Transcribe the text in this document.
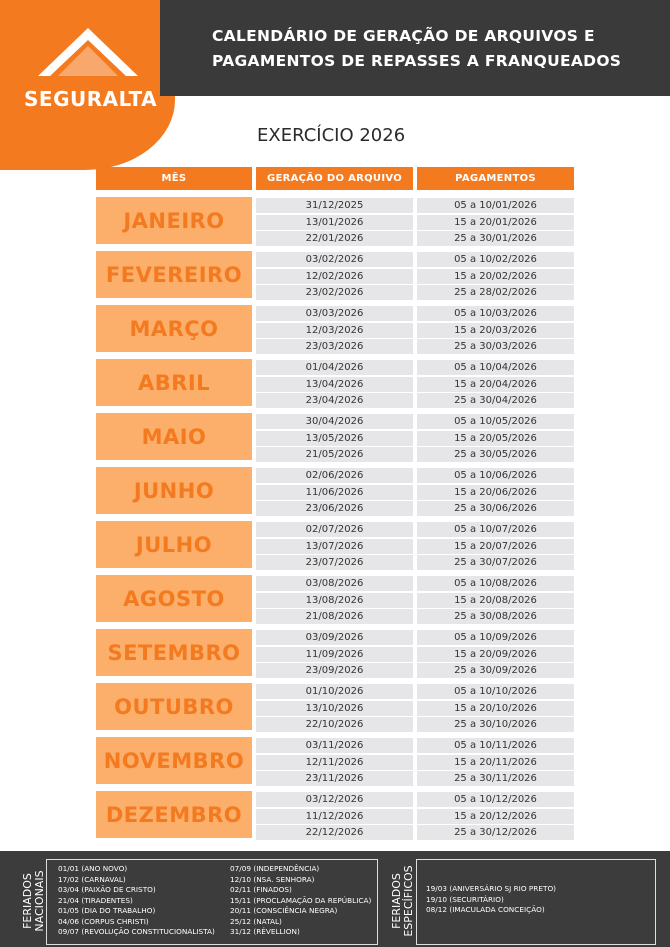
SEGURALTA
CALENDÁRIO DE GERAÇÃO DE ARQUIVOS E
PAGAMENTOS DE REPASSES A FRANQUEADOS
EXERCÍCIO 2026
MÊS	GERAÇÃO DO ARQUIVO	PAGAMENTOS
JANEIRO
31/12/2025	05 a 10/01/2026
13/01/2026	15 a 20/01/2026
22/01/2026	25 a 30/01/2026
FEVEREIRO
03/02/2026	05 a 10/02/2026
12/02/2026	15 a 20/02/2026
23/02/2026	25 a 28/02/2026
MARÇO
03/03/2026	05 a 10/03/2026
12/03/2026	15 a 20/03/2026
23/03/2026	25 a 30/03/2026
ABRIL
01/04/2026	05 a 10/04/2026
13/04/2026	15 a 20/04/2026
23/04/2026	25 a 30/04/2026
MAIO
30/04/2026	05 a 10/05/2026
13/05/2026	15 a 20/05/2026
21/05/2026	25 a 30/05/2026
JUNHO
02/06/2026	05 a 10/06/2026
11/06/2026	15 a 20/06/2026
23/06/2026	25 a 30/06/2026
JULHO
02/07/2026	05 a 10/07/2026
13/07/2026	15 a 20/07/2026
23/07/2026	25 a 30/07/2026
AGOSTO
03/08/2026	05 a 10/08/2026
13/08/2026	15 a 20/08/2026
21/08/2026	25 a 30/08/2026
SETEMBRO
03/09/2026	05 a 10/09/2026
11/09/2026	15 a 20/09/2026
23/09/2026	25 a 30/09/2026
OUTUBRO
01/10/2026	05 a 10/10/2026
13/10/2026	15 a 20/10/2026
22/10/2026	25 a 30/10/2026
NOVEMBRO
03/11/2026	05 a 10/11/2026
12/11/2026	15 a 20/11/2026
23/11/2026	25 a 30/11/2026
DEZEMBRO
03/12/2026	05 a 10/12/2026
11/12/2026	15 a 20/12/2026
22/12/2026	25 a 30/12/2026
FERIADOS NACIONAIS
01/01 (ANO NOVO)
17/02 (CARNAVAL)
03/04 (PAIXÃO DE CRISTO)
21/04 (TIRADENTES)
01/05 (DIA DO TRABALHO)
04/06 (CORPUS CHRISTI)
09/07 (REVOLUÇÃO CONSTITUCIONALISTA)
07/09 (INDEPENDÊNCIA)
12/10 (NSA. SENHORA)
02/11 (FINADOS)
15/11 (PROCLAMAÇÃO DA REPÚBLICA)
20/11 (CONSCIÊNCIA NEGRA)
25/12 (NATAL)
31/12 (RÉVELLION)
FERIADOS ESPECÍFICOS 19/03 (ANIVERSÁRIO SJ RIO PRETO)
19/10 (SECURITÁRIO)
08/12 (IMACULADA CONCEIÇÃO)
